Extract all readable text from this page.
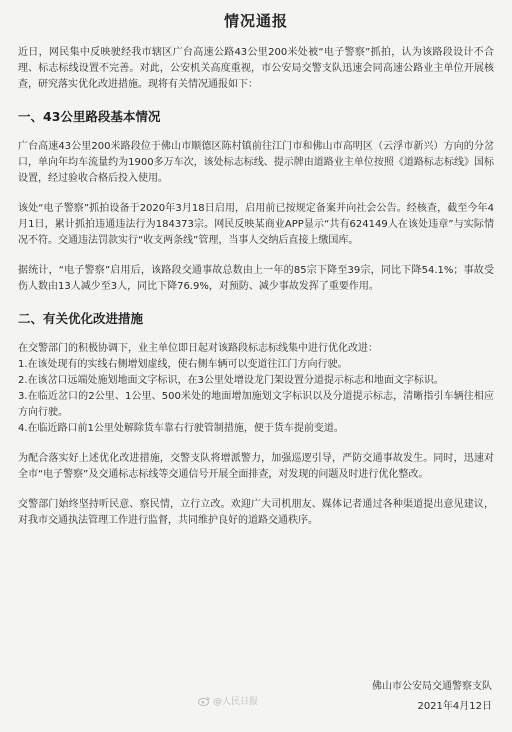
情况通报

近日，网民集中反映驶经我市辖区广台高速公路43公里200米处被“电子警察”抓拍，认为该路段设计不合理、标志标线设置不完善。对此，公安机关高度重视，市公安局交警支队迅速会同高速公路业主单位开展核查，研究落实优化改进措施。现将有关情况通报如下：

一、43公里路段基本情况

广台高速43公里200米路段位于佛山市顺德区陈村镇前往江门市和佛山市高明区（云浮市新兴）方向的分岔口，单向年均车流量约为1900多万车次，该处标志标线、提示牌由道路业主单位按照《道路标志标线》国标设置，经过验收合格后投入使用。

该处“电子警察”抓拍设备于2020年3月18日启用，启用前已按规定备案并向社会公告。经核查，截至今年4月1日，累计抓拍违通违法行为184373宗。网民反映某商业APP显示“共有624149人在该处违章”与实际情况不符。交通违法罚款实行“收支两条线”管理，当事人交纳后直接上缴国库。

据统计，“电子警察”启用后，该路段交通事故总数由上一年的85宗下降至39宗，同比下降54.1%；事故受伤人数由13人减少至3人，同比下降76.9%，对预防、减少事故发挥了重要作用。

二、有关优化改进措施

在交警部门的积极协调下，业主单位即日起对该路段标志标线集中进行优化改进：

1.在该处现有的实线右侧增划虚线，使右侧车辆可以变道往江门方向行驶。

2.在该岔口远端处施划地面文字标识，在3公里处增设龙门架设置分道提示标志和地面文字标识。

3.在临近岔口的2公里、1公里、500米处的地面增加施划文字标识以及分道提示标志，清晰指引车辆往相应方向行驶。

4.在临近路口前1公里处解除货车靠右行驶管制措施，便于货车提前变道。

为配合落实好上述优化改进措施，交警支队将增派警力，加强巡逻引导，严防交通事故发生。同时，迅速对全市“电子警察”及交通标志标线等交通信号开展全面排查，对发现的问题及时进行优化整改。

交警部门始终坚持听民意、察民情，立行立改。欢迎广大司机朋友、媒体记者通过各种渠道提出意见建议，对我市交通执法管理工作进行监督，共同维护良好的道路交通秩序。

佛山市公安局交通警察支队
2021年4月12日
@人民日报
